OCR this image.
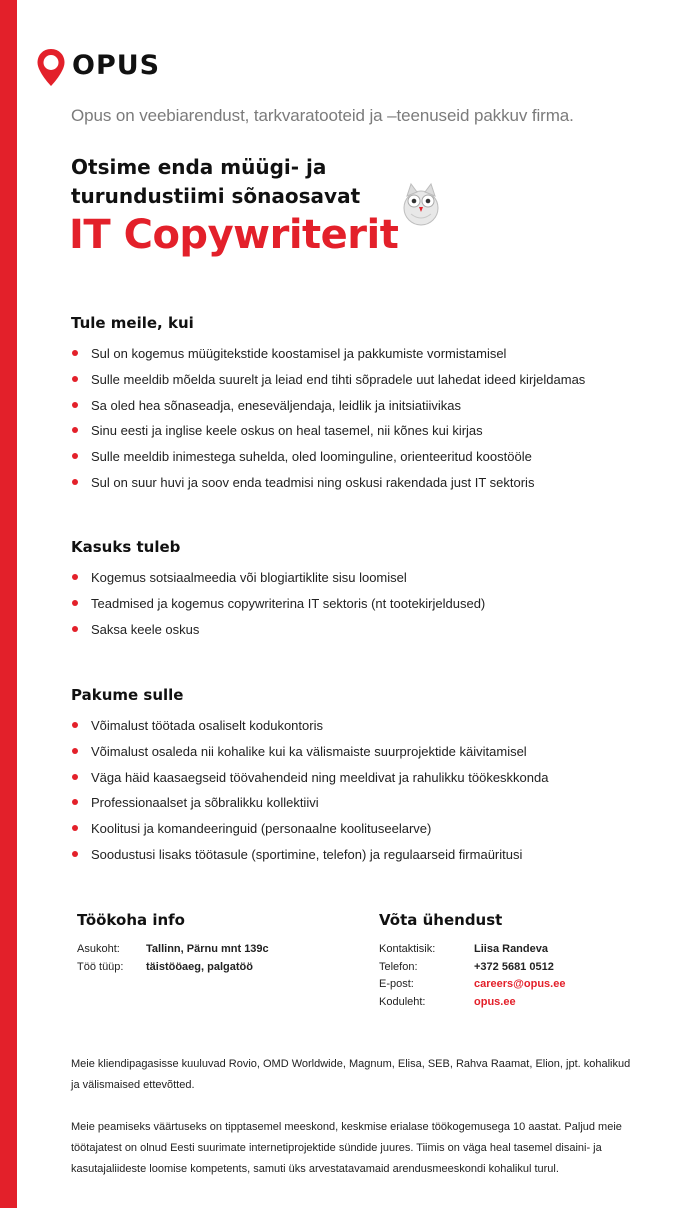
OPUS
Opus on veebiarendust, tarkvaratooteid ja –teenuseid pakkuv firma.
Otsime enda müügi- ja
turundustiimi sõnaosavat
IT Copywriterit
Tule meile, kui
Sul on kogemus müügitekstide koostamisel ja pakkumiste vormistamisel
Sulle meeldib mõelda suurelt ja leiad end tihti sõpradele uut lahedat ideed kirjeldamas
Sa oled hea sõnaseadja, eneseväljendaja, leidlik ja initsiatiivikas
Sinu eesti ja inglise keele oskus on heal tasemel, nii kõnes kui kirjas
Sulle meeldib inimestega suhelda, oled loominguline, orienteeritud koostööle
Sul on suur huvi ja soov enda teadmisi ning oskusi rakendada just IT sektoris
Kasuks tuleb
Kogemus sotsiaalmeedia või blogiartiklite sisu loomisel
Teadmised ja kogemus copywriterina IT sektoris (nt tootekirjeldused)
Saksa keele oskus
Pakume sulle
Võimalust töötada osaliselt kodukontoris
Võimalust osaleda nii kohalike kui ka välismaiste suurprojektide käivitamisel
Väga häid kaasaegseid töövahendeid ning meeldivat ja rahulikku töökeskkonda
Professionaalset ja sõbralikku kollektiivi
Koolitusi ja komandeeringuid (personaalne koolituseelarve)
Soodustusi lisaks töötasule (sportimine, telefon) ja regulaarseid firmaüritusi
Töökoha info
Asukoht:	Tallinn, Pärnu mnt 139c
Töö tüüp:	täistööaeg, palgatöö
Võta ühendust
Kontaktisik:	Liisa Randeva
Telefon:	+372 5681 0512
E-post:	careers@opus.ee
Koduleht:	opus.ee

Meie kliendipagasisse kuuluvad Rovio, OMD Worldwide, Magnum, Elisa, SEB, Rahva Raamat, Elion, jpt. kohalikud ja välismaised ettevõtted.

Meie peamiseks väärtuseks on tipptasemel meeskond, keskmise erialase töökogemusega 10 aastat. Paljud meie töötajatest on olnud Eesti suurimate internetiprojektide sündide juures. Tiimis on väga heal tasemel disaini- ja kasutajaliideste loomise kompetents, samuti üks arvestatavamaid arendusmeeskondi kohalikul turul.
